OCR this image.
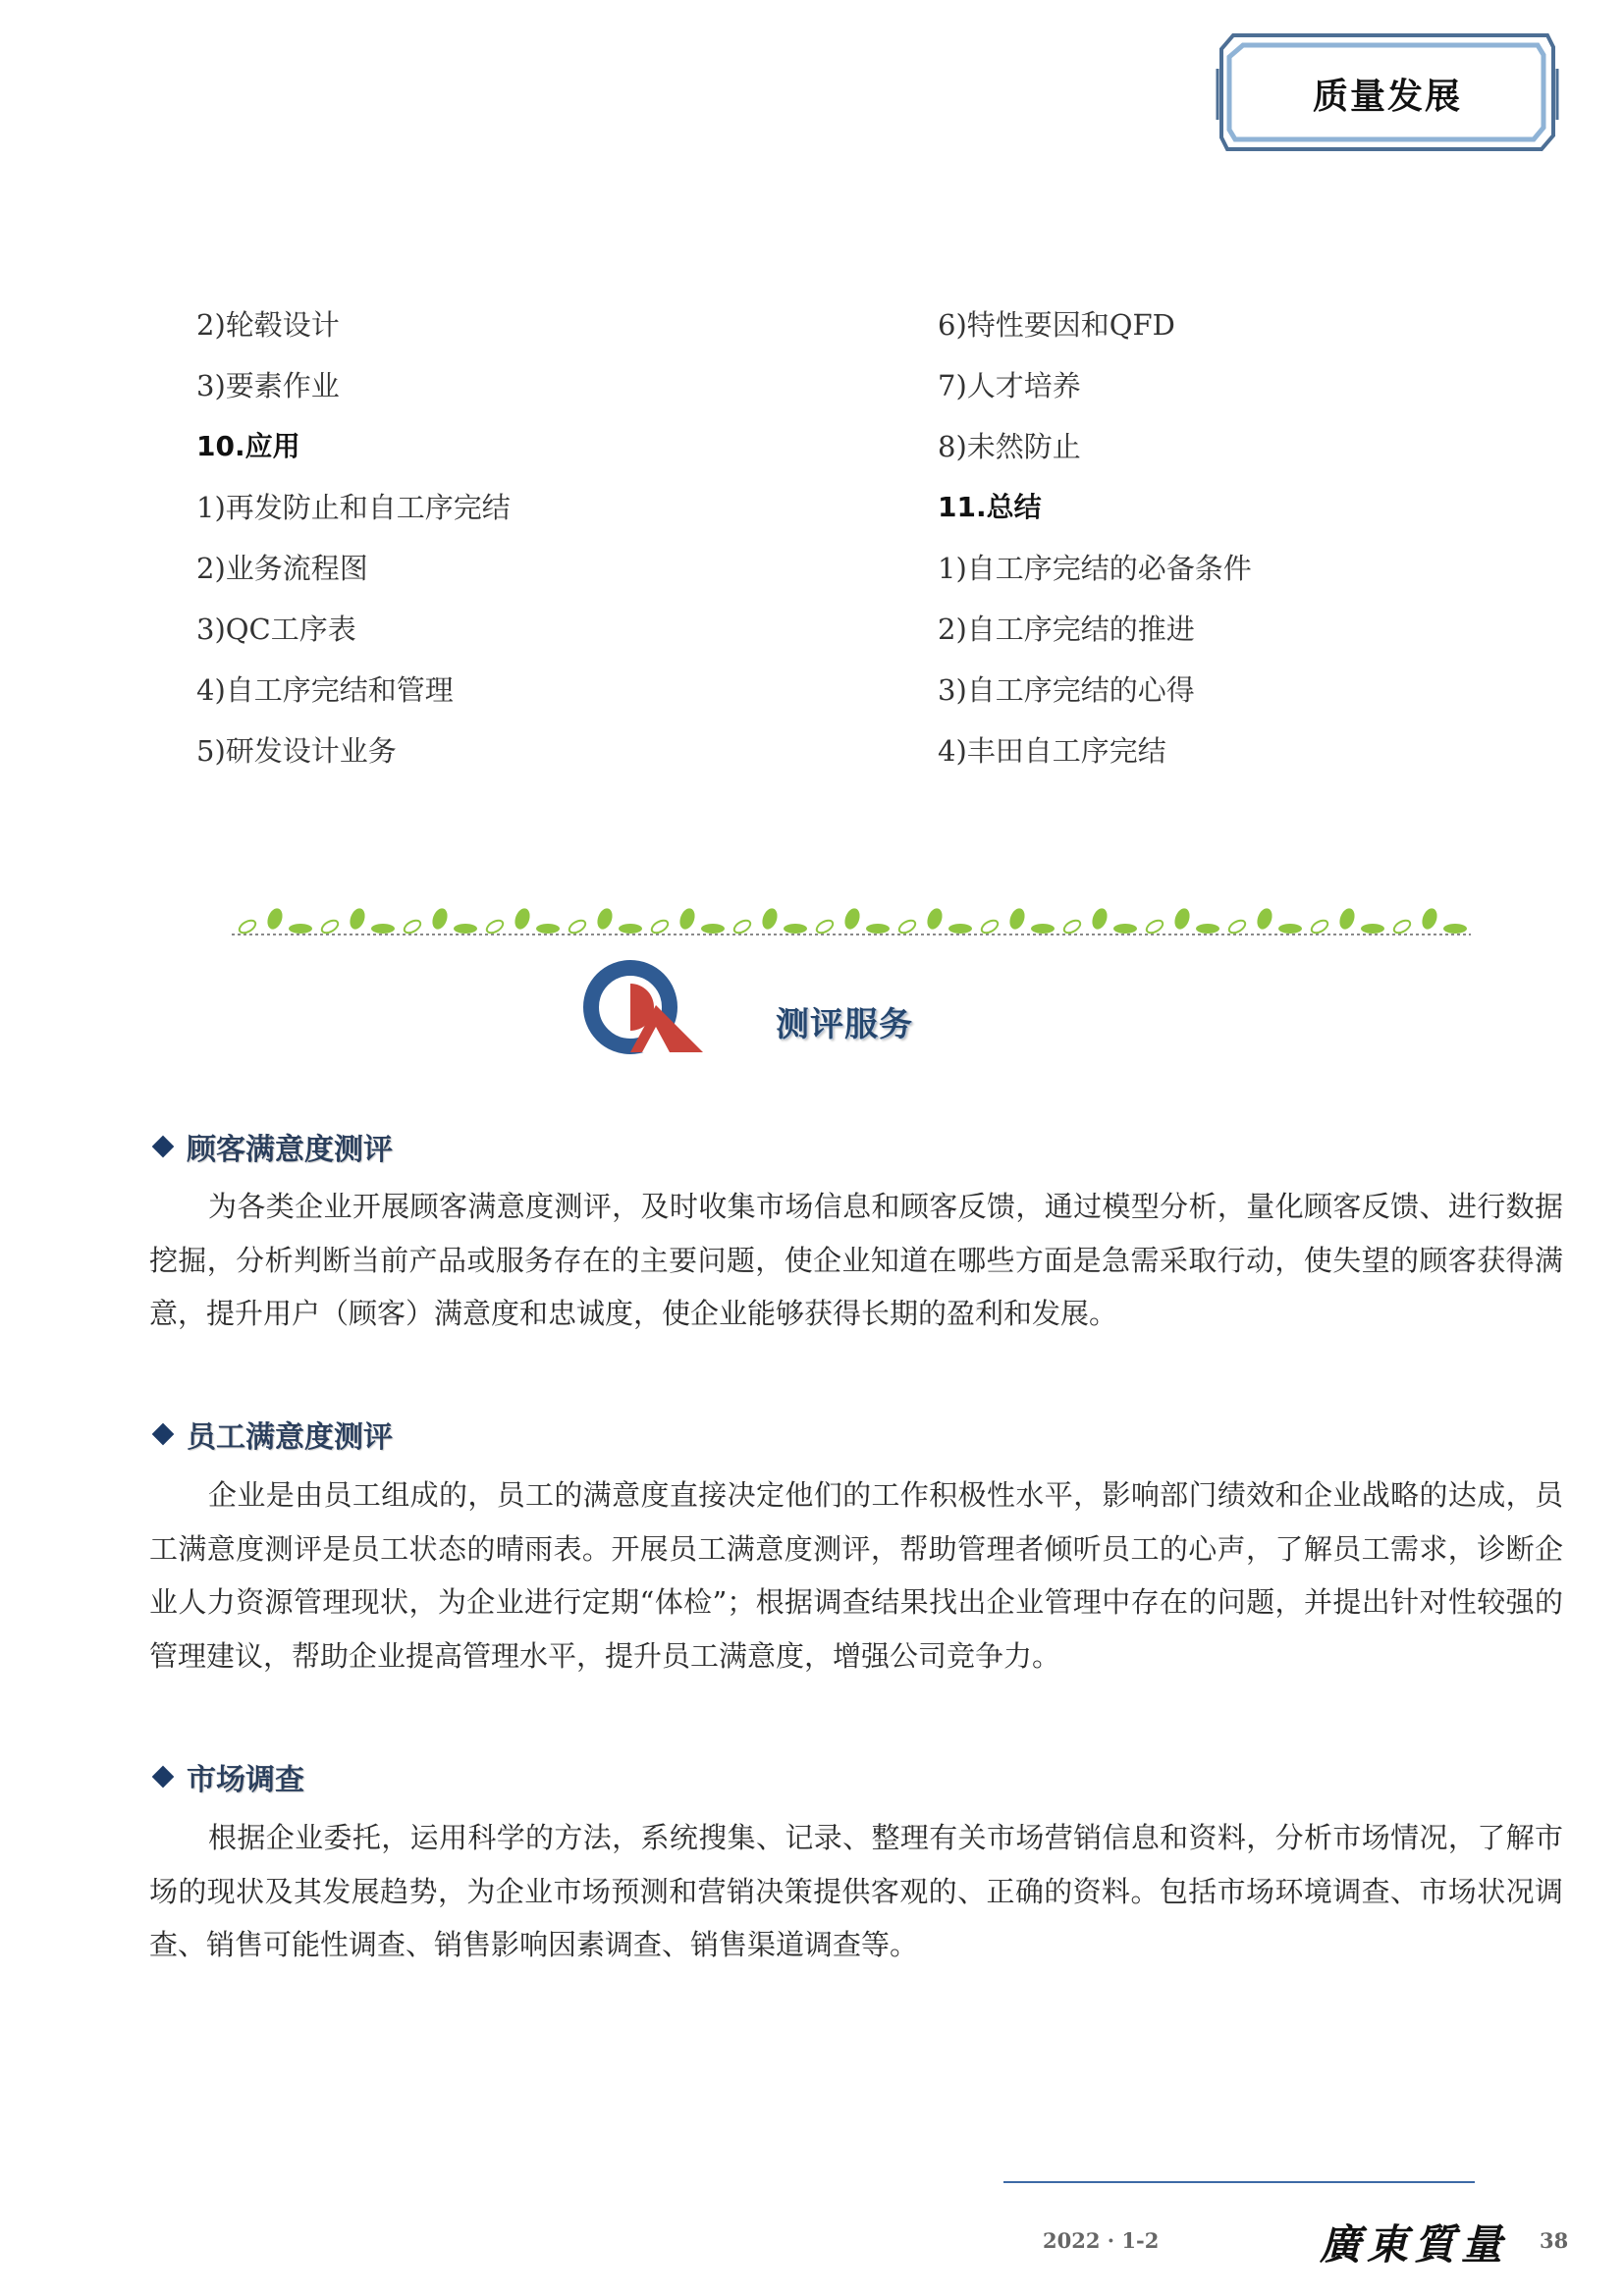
质量发展
2)轮毂设计
3)要素作业
10.应用
1)再发防止和自工序完结
2)业务流程图
3)QC工序表
4)自工序完结和管理
5)研发设计业务
6)特性要因和QFD
7)人才培养
8)未然防止
11.总结
1)自工序完结的必备条件
2)自工序完结的推进
3)自工序完结的心得
4)丰田自工序完结
测评服务
顾客满意度测评

为各类企业开展顾客满意度测评，及时收集市场信息和顾客反馈，通过模型分析，量化顾客反馈、进行数据挖掘，分析判断当前产品或服务存在的主要问题，使企业知道在哪些方面是急需采取行动，使失望的顾客获得满意，提升用户（顾客）满意度和忠诚度，使企业能够获得长期的盈利和发展。

员工满意度测评

企业是由员工组成的，员工的满意度直接决定他们的工作积极性水平，影响部门绩效和企业战略的达成，员工满意度测评是员工状态的晴雨表。开展员工满意度测评，帮助管理者倾听员工的心声，了解员工需求，诊断企业人力资源管理现状，为企业进行定期“体检”；根据调查结果找出企业管理中存在的问题，并提出针对性较强的管理建议，帮助企业提高管理水平，提升员工满意度，增强公司竞争力。

市场调查

根据企业委托，运用科学的方法，系统搜集、记录、整理有关市场营销信息和资料，分析市场情况，了解市场的现状及其发展趋势，为企业市场预测和营销决策提供客观的、正确的资料。包括市场环境调查、市场状况调查、销售可能性调查、销售影响因素调查、销售渠道调查等。

2022 · 1-2	廣東質量 38
